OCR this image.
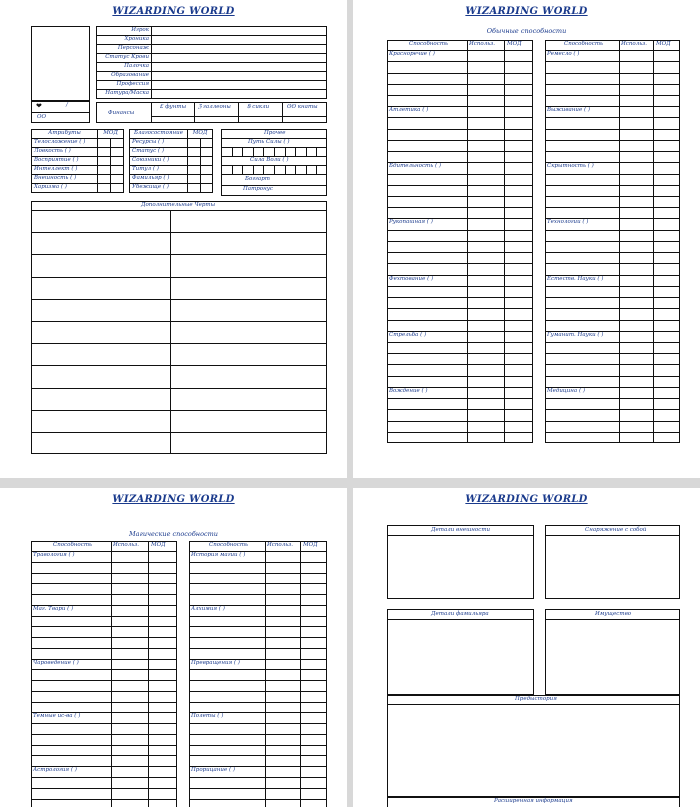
WIZARDING WORLD
❤	/
OO
Игрок	
Хроника	
Персонаж	
Статус Крови	
Палочка	
Образование	
Профессия	
Натура/Маска	
Финансы
£ фунты ℨ галлеоны	Ꞩ сикли	ʘʘ кнаты
Атрибуты	МОД	
Телосложение ( )		
Ловкость ( )		
Восприятие ( )		
Интеллект ( )		
Внешность ( )		
Харизма ( )		
Благосостояние	МОД	
Ресурсы ( )		
Статус ( )		
Союзники ( )		
Титул ( )		
Фамильяр ( )		
Убежище ( )		
Прочее
Путь Силы ( )
Сила Воли ( )
Боггарт
Патронус
Дополнительные Черты
WIZARDING WORLD
Обычные способности
Способность	Использ. МОД
Красноречие ( )
Атлетика ( )
Бдительность ( )
Рукопашная ( )
Фехтование ( )
Стрельба ( )
Вождение ( )
Способность	Использ. МОД
Ремесло ( )
Выживание ( )
Скрытность ( )
Технологии ( )
Естеств. Науки ( )
Гуманит. Науки ( )
Медицина ( )
WIZARDING WORLD
Магические способности
Способность	Использ. МОД
Травология ( )
Маг. Твари ( )
Чароведение ( )
Темные ис-ва ( )
Астрология ( )
Способность	Использ. МОД
История магии ( )
Алхимия ( )
Превращения ( )
Полеты ( )
Прорицание ( )
WIZARDING WORLD
Детали внешности	Снаряжение с собой
Детали фамильяра	Имущество
Предыстория
Расширенная информация
